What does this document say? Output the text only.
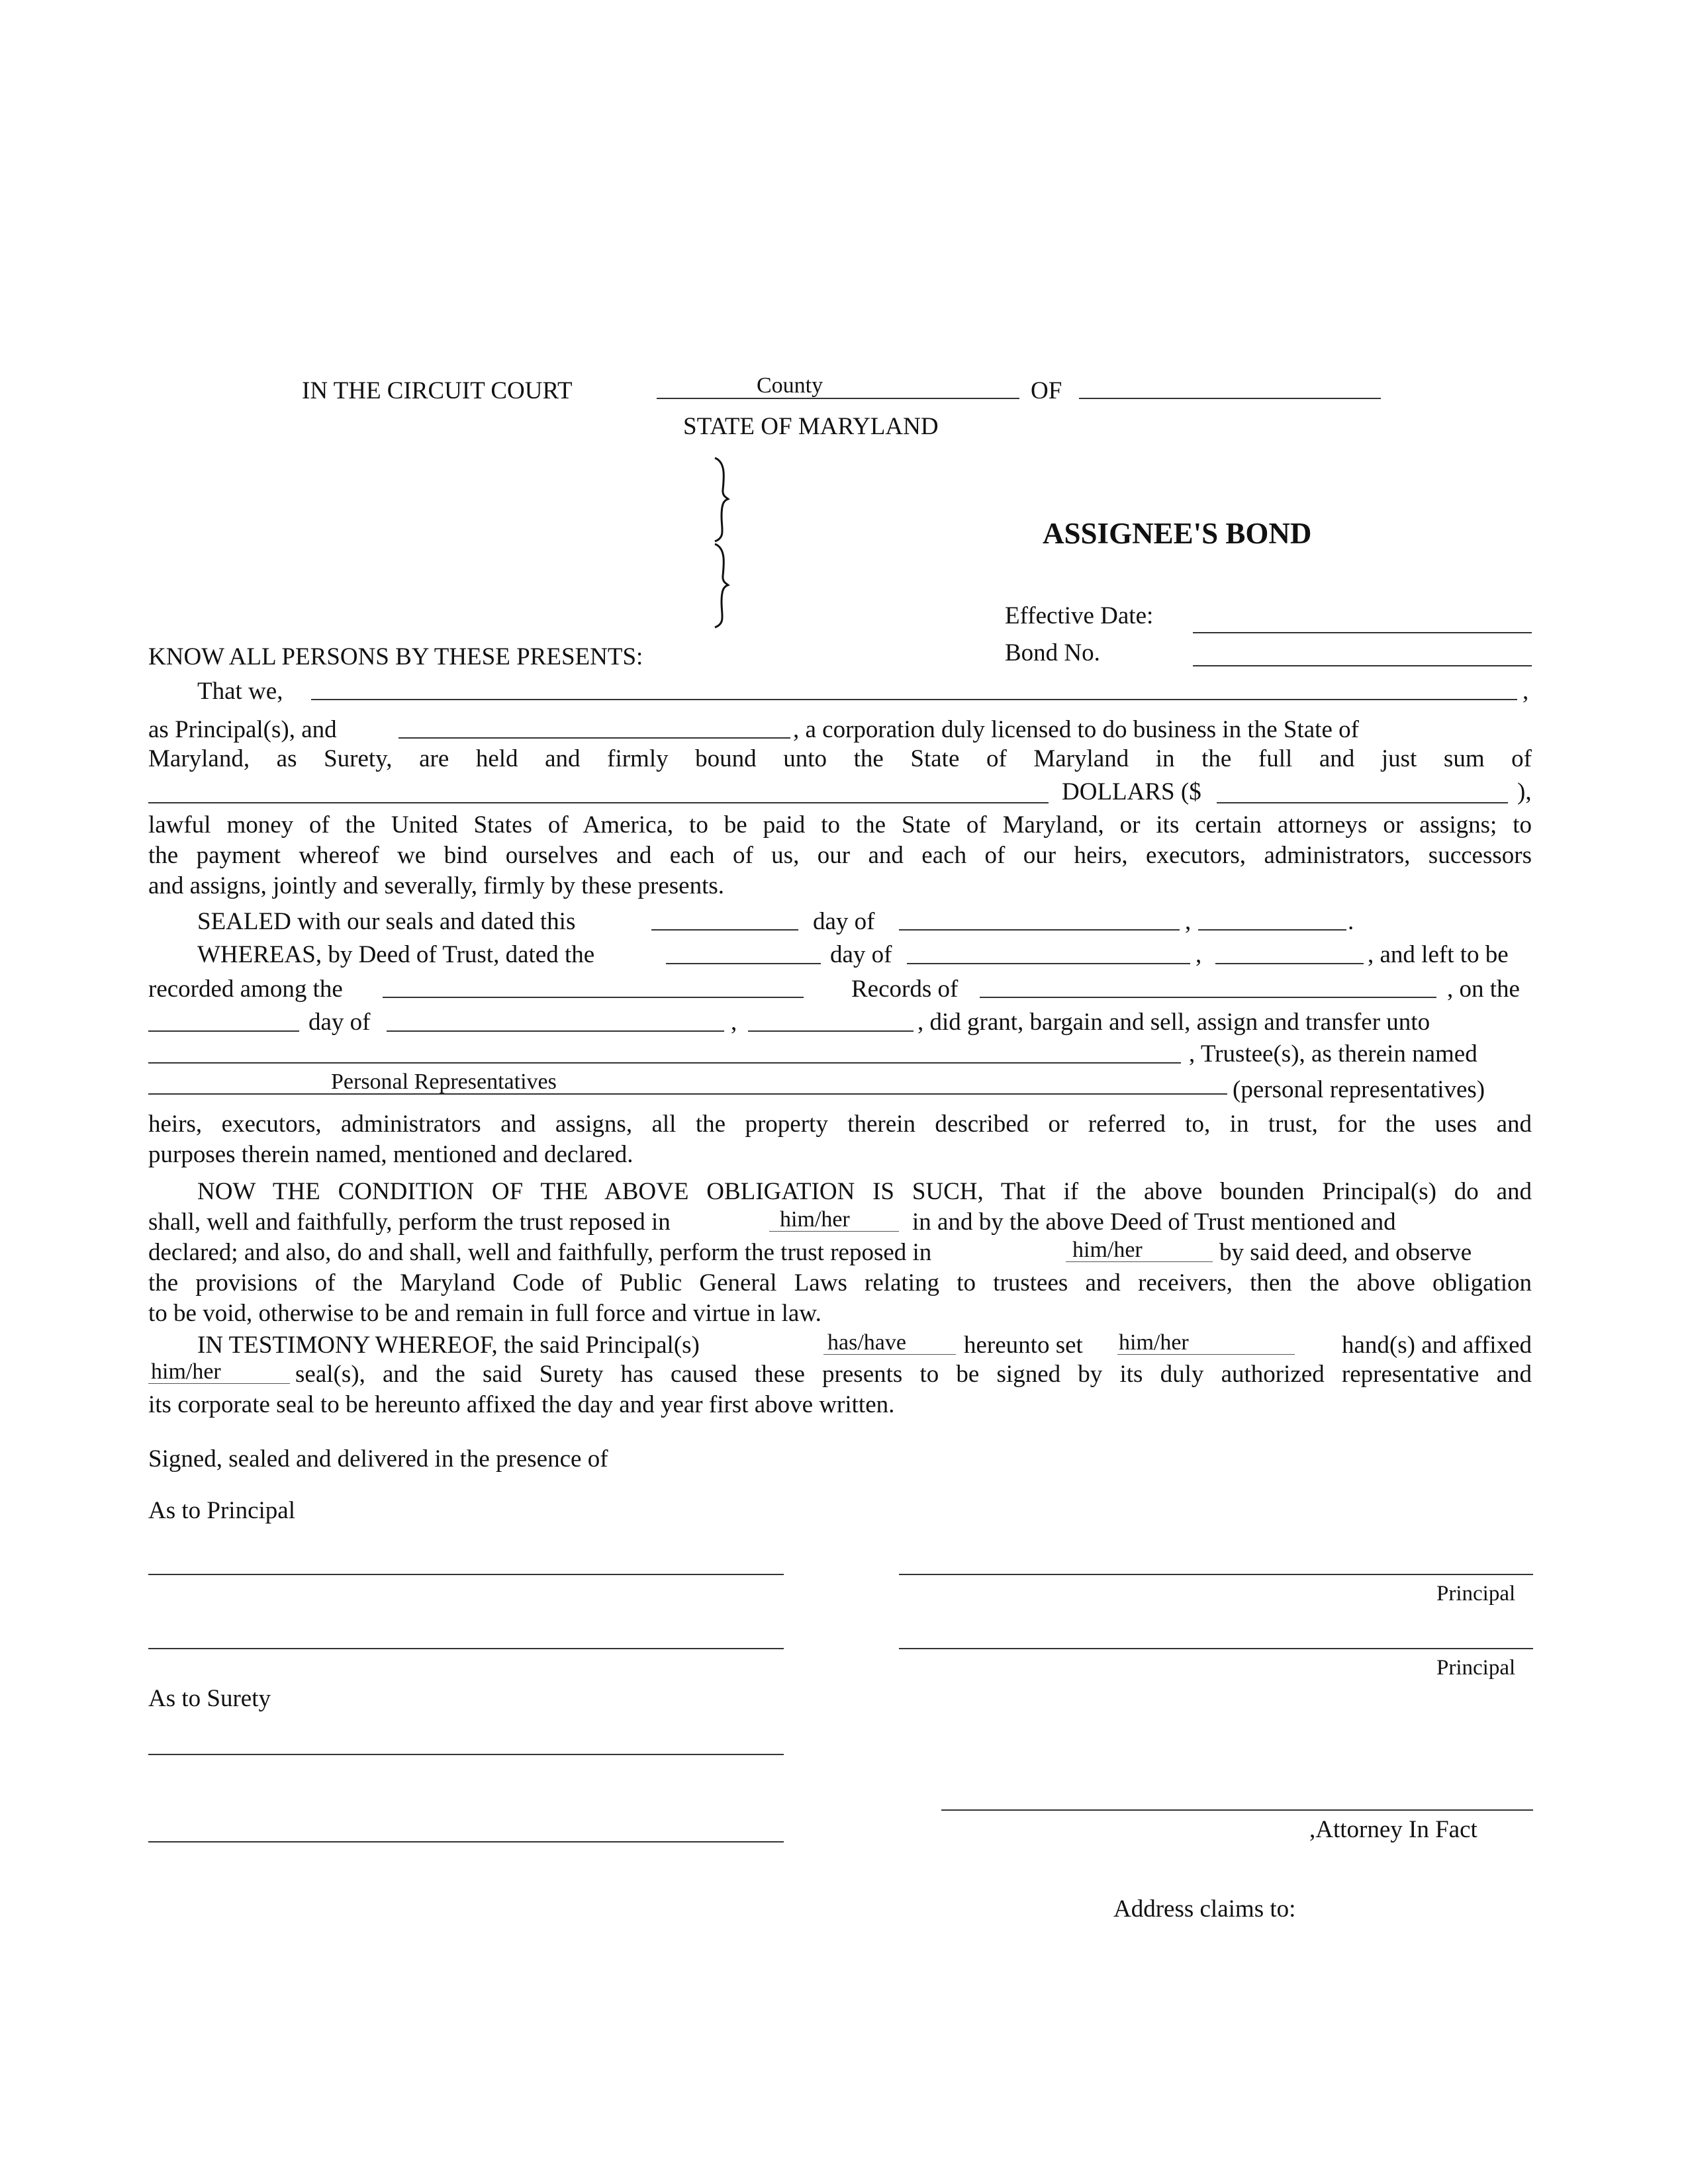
IN THE CIRCUIT COURT	County	OF
STATE OF MARYLAND
ASSIGNEE'S BOND
Effective Date:
Bond No.
KNOW ALL PERSONS BY THESE PRESENTS:
That we,	,
as Principal(s), and	, a corporation duly licensed to do business in the State of
Maryland, as Surety, are held and firmly bound unto the State of Maryland in the full and just sum of
DOLLARS ($	),
lawful money of the United States of America, to be paid to the State of Maryland, or its certain attorneys or assigns; to
the payment whereof we bind ourselves and each of us, our and each of our heirs, executors, administrators, successors
and assigns, jointly and severally, firmly by these presents.
SEALED with our seals and dated this	day of	,	.
WHEREAS, by Deed of Trust, dated the	day of	,	, and left to be
recorded among the	Records of	, on the
day of	,	, did grant, bargain and sell, assign and transfer unto
, Trustee(s), as therein named
Personal Representatives	(personal representatives)
heirs, executors, administrators and assigns, all the property therein described or referred to, in trust, for the uses and
purposes therein named, mentioned and declared.
NOW THE CONDITION OF THE ABOVE OBLIGATION IS SUCH, That if the above bounden Principal(s) do and
shall, well and faithfully, perform the trust reposed in	him/her	in and by the above Deed of Trust mentioned and
declared; and also, do and shall, well and faithfully, perform the trust reposed in	him/her	by said deed, and observe
the provisions of the Maryland Code of Public General Laws relating to trustees and receivers, then the above obligation
to be void, otherwise to be and remain in full force and virtue in law.
IN TESTIMONY WHEREOF, the said Principal(s)	has/have hereunto set him/her	hand(s) and affixed
him/her	seal(s), and the said Surety has caused these presents to be signed by its duly authorized representative and
its corporate seal to be hereunto affixed the day and year first above written.
Signed, sealed and delivered in the presence of
As to Principal
Principal
Principal
As to Surety
,Attorney In Fact
Address claims to:
